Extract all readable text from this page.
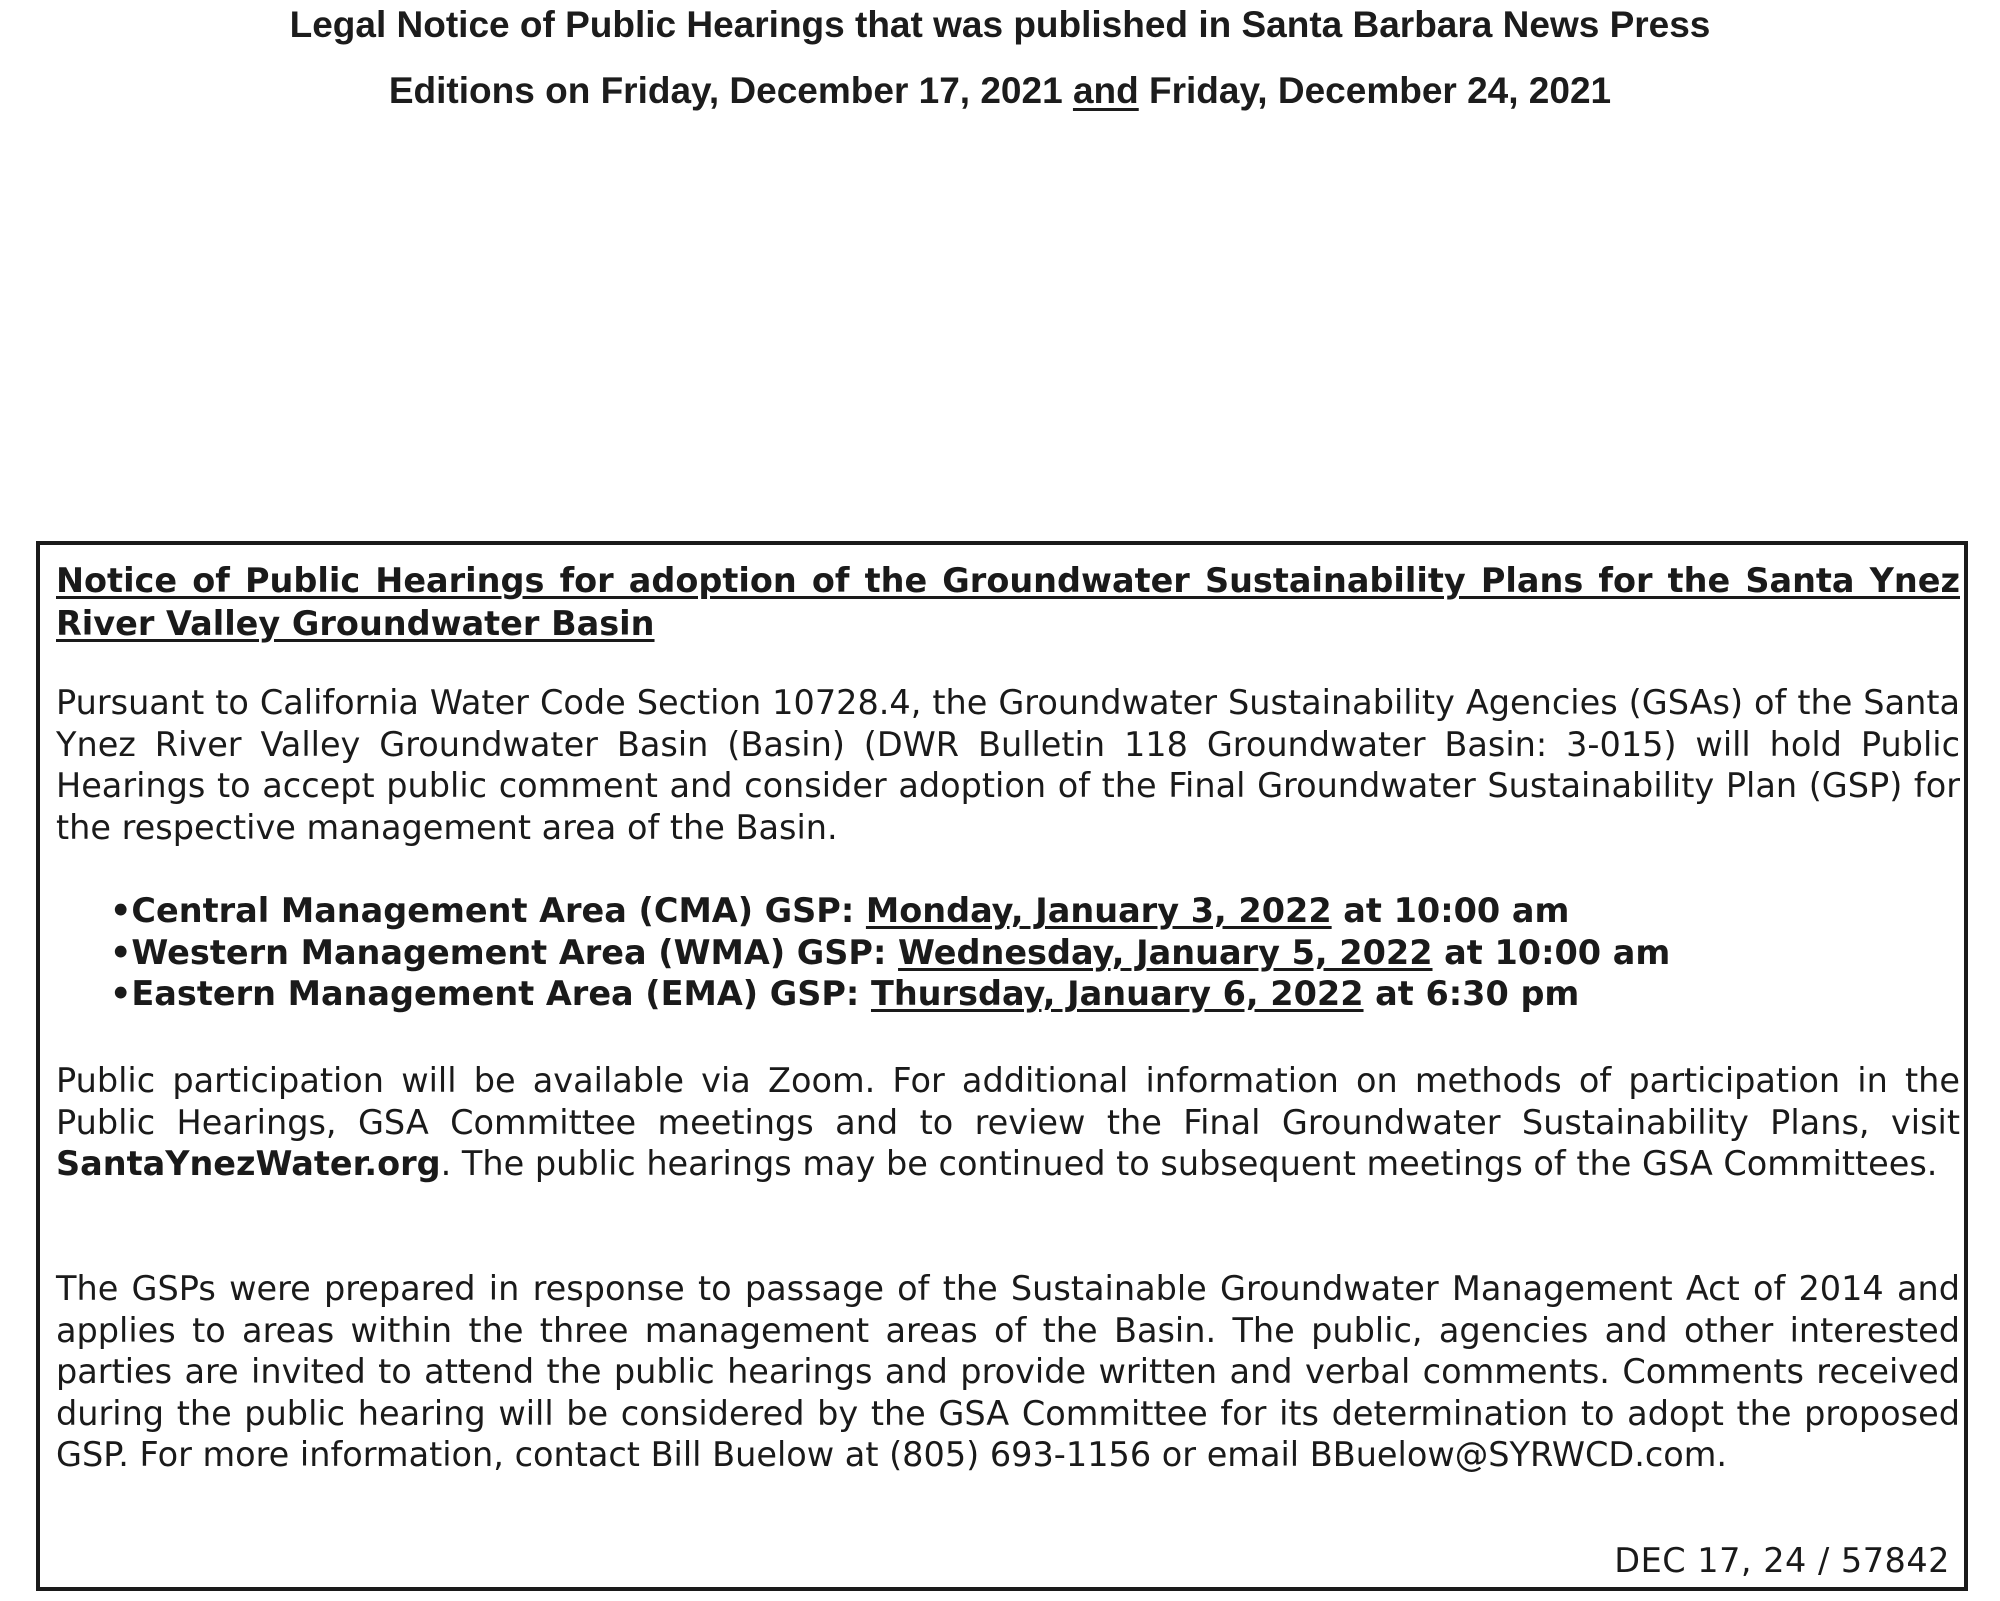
Legal Notice of Public Hearings that was published in Santa Barbara News Press
Editions on Friday, December 17, 2021 and Friday, December 24, 2021
Notice of Public Hearings for adoption of the Groundwater Sustainability Plans for the Santa Ynez River Valley Groundwater Basin

Pursuant to California Water Code Section 10728.4, the Groundwater Sustainability Agencies (GSAs) of the Santa Ynez River Valley Groundwater Basin (Basin) (DWR Bulletin 118 Groundwater Basin: 3-015) will hold Public Hearings to accept public comment and consider adoption of the Final Groundwater Sustainability Plan (GSP) for the respective management area of the Basin.

•Central Management Area (CMA) GSP: Monday, January 3, 2022 at 10:00 am
•Western Management Area (WMA) GSP: Wednesday, January 5, 2022 at 10:00 am
•Eastern Management Area (EMA) GSP: Thursday, January 6, 2022 at 6:30 pm

Public participation will be available via Zoom. For additional information on methods of participation in the Public Hearings, GSA Committee meetings and to review the Final Groundwater Sustainability Plans, visit SantaYnezWater.org. The public hearings may be continued to subsequent meetings of the GSA Committees.

The GSPs were prepared in response to passage of the Sustainable Groundwater Management Act of 2014 and applies to areas within the three management areas of the Basin. The public, agencies and other interested parties are invited to attend the public hearings and provide written and verbal comments. Comments received during the public hearing will be considered by the GSA Committee for its determination to adopt the proposed GSP. For more information, contact Bill Buelow at (805) 693-1156 or email BBuelow@SYRWCD.com.

DEC 17, 24 / 57842
